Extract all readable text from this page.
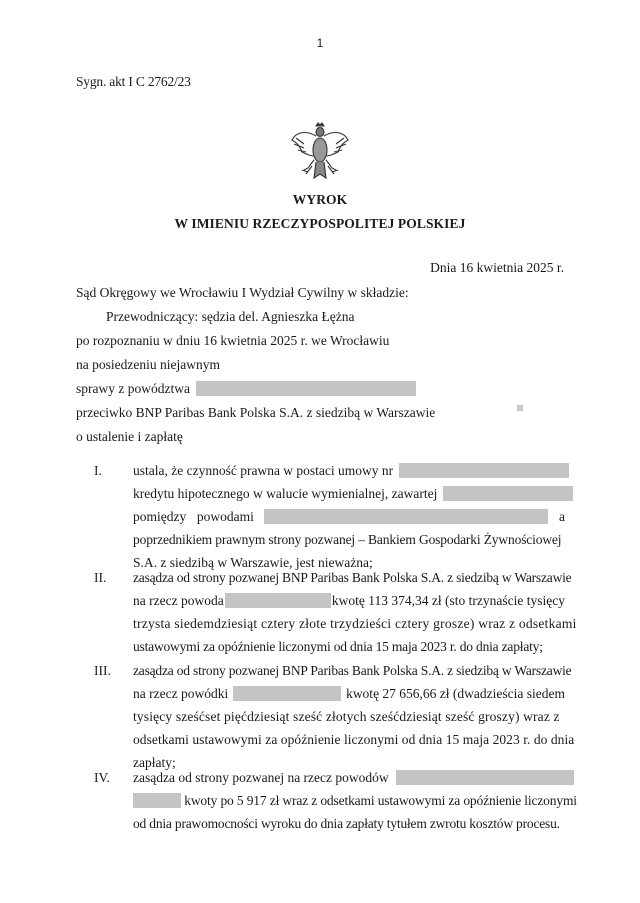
1
Sygn. akt I C 2762/23
WYROK
W IMIENIU RZECZYPOSPOLITEJ POLSKIEJ
Dnia 16 kwietnia 2025 r.
Sąd Okręgowy we Wrocławiu I Wydział Cywilny w składzie:
Przewodniczący: sędzia del. Agnieszka Łężna
po rozpoznaniu w dniu 16 kwietnia 2025 r. we Wrocławiu
na posiedzeniu niejawnym
sprawy z powództwa
przeciwko BNP Paribas Bank Polska S.A. z siedzibą w Warszawie
o ustalenie i zapłatę
I. ustala, że czynność prawna w postaci umowy nr
kredytu hipotecznego w walucie wymienialnej, zawartej
pomiędzy powodami	a
poprzednikiem prawnym strony pozwanej – Bankiem Gospodarki Żywnościowej
S.A. z siedzibą w Warszawie, jest nieważna;
II. zasądza od strony pozwanej BNP Paribas Bank Polska S.A. z siedzibą w Warszawie
na rzecz powoda	kwotę 113 374,34 zł (sto trzynaście tysięcy
trzysta siedemdziesiąt cztery złote trzydzieści cztery grosze) wraz z odsetkami
ustawowymi za opóźnienie liczonymi od dnia 15 maja 2023 r. do dnia zapłaty;
III. zasądza od strony pozwanej BNP Paribas Bank Polska S.A. z siedzibą w Warszawie
na rzecz powódki	kwotę 27 656,66 zł (dwadzieścia siedem
tysięcy sześćset pięćdziesiąt sześć złotych sześćdziesiąt sześć groszy) wraz z
odsetkami ustawowymi za opóźnienie liczonymi od dnia 15 maja 2023 r. do dnia
zapłaty;
IV. zasądza od strony pozwanej na rzecz powodów
kwoty po 5 917 zł wraz z odsetkami ustawowymi za opóźnienie liczonymi
od dnia prawomocności wyroku do dnia zapłaty tytułem zwrotu kosztów procesu.
